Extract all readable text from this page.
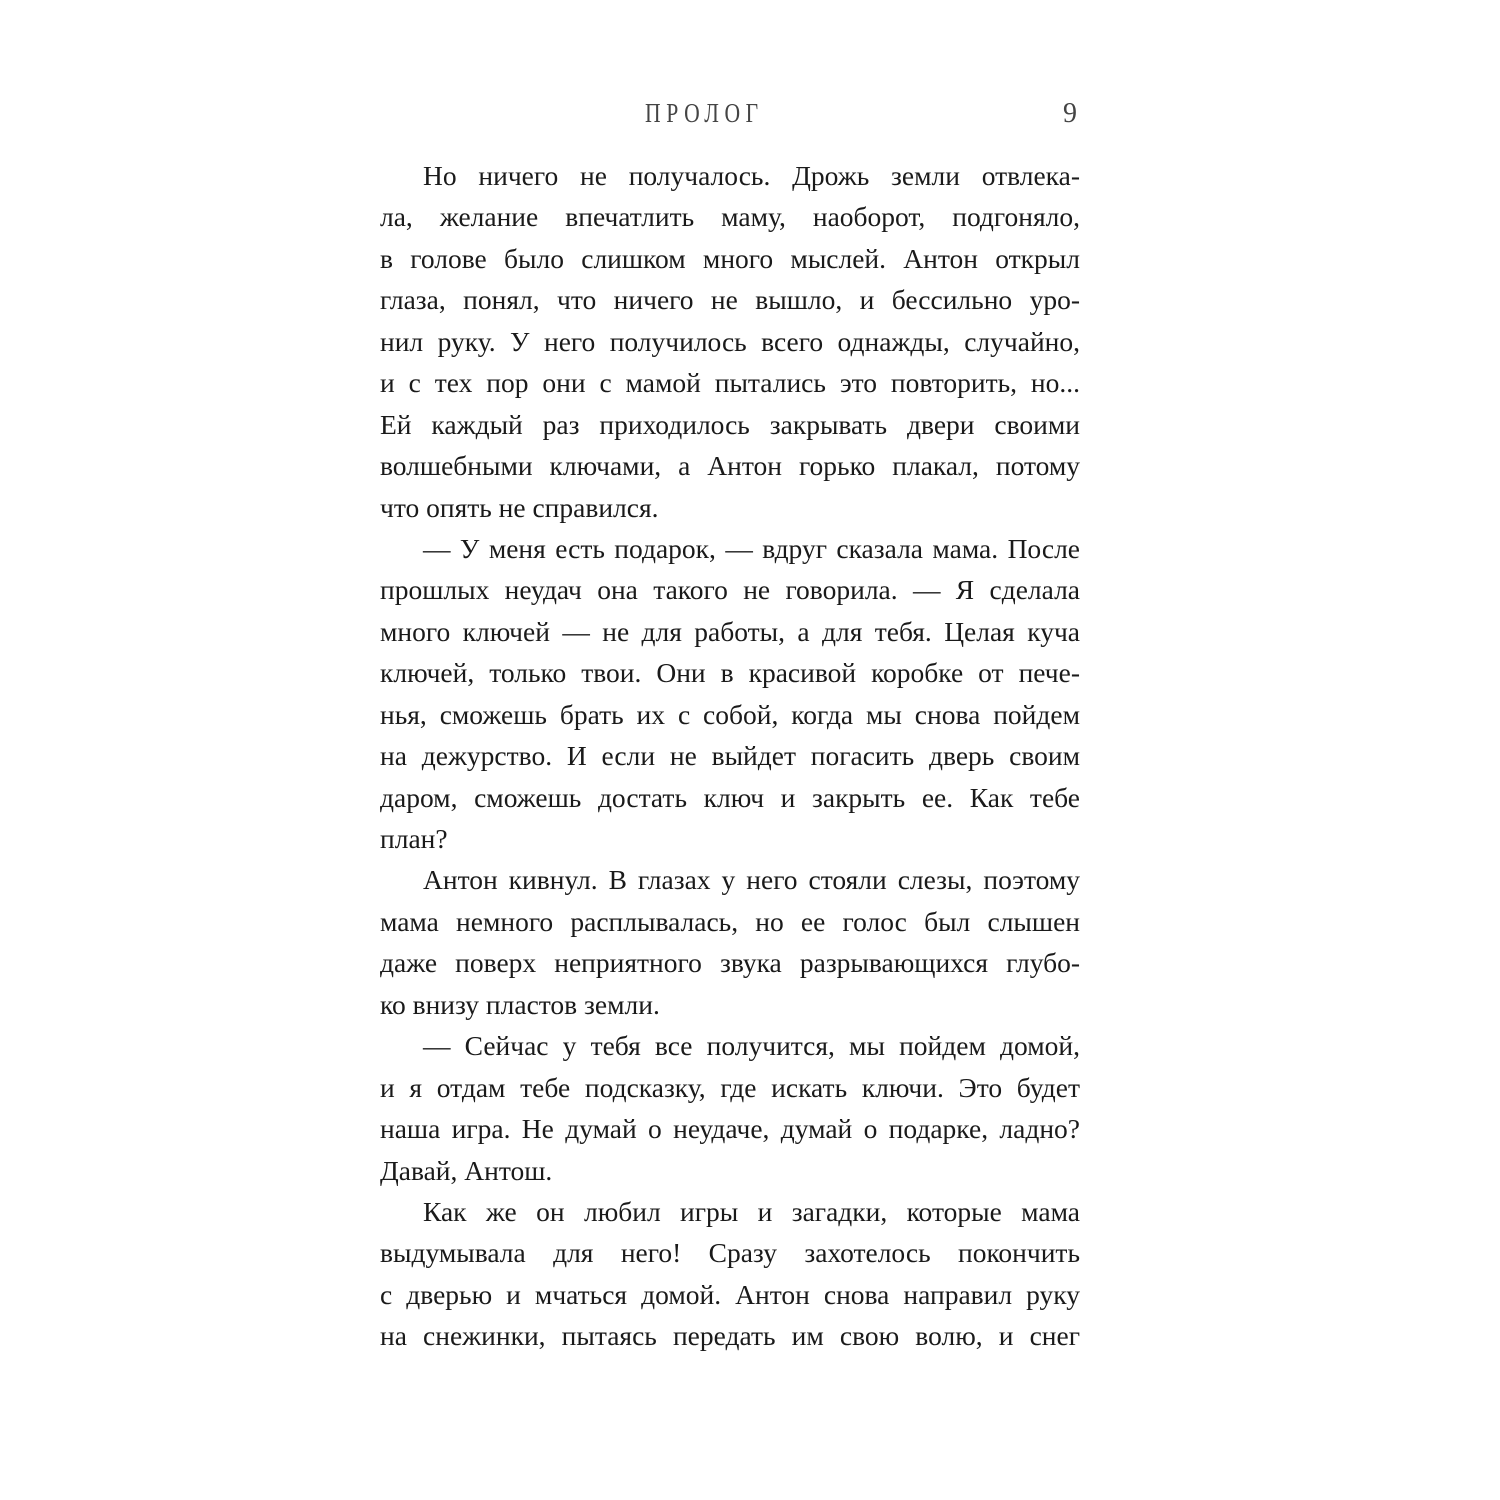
ПРОЛОГ	9
Но ничего не получалось. Дрожь земли отвлека-
ла, желание впечатлить маму, наоборот, подгоняло,
в голове было слишком много мыслей. Антон открыл
глаза, понял, что ничего не вышло, и бессильно уро-
нил руку. У него получилось всего однажды, случайно,
и с тех пор они с мамой пытались это повторить, но...
Ей каждый раз приходилось закрывать двери своими
волшебными ключами, а Антон горько плакал, потому
что опять не справился.
— У меня есть подарок, — вдруг сказала мама. После
прошлых неудач она такого не говорила. — Я сделала
много ключей — не для работы, а для тебя. Целая куча
ключей, только твои. Они в красивой коробке от пече-
нья, сможешь брать их с собой, когда мы снова пойдем
на дежурство. И если не выйдет погасить дверь своим
даром, сможешь достать ключ и закрыть ее. Как тебе
план?
Антон кивнул. В глазах у него стояли слезы, поэтому
мама немного расплывалась, но ее голос был слышен
даже поверх неприятного звука разрывающихся глубо-
ко внизу пластов земли.
— Сейчас у тебя все получится, мы пойдем домой,
и я отдам тебе подсказку, где искать ключи. Это будет
наша игра. Не думай о неудаче, думай о подарке, ладно?
Давай, Антош.
Как же он любил игры и загадки, которые мама
выдумывала для него! Сразу захотелось покончить
с дверью и мчаться домой. Антон снова направил руку
на снежинки, пытаясь передать им свою волю, и снег
